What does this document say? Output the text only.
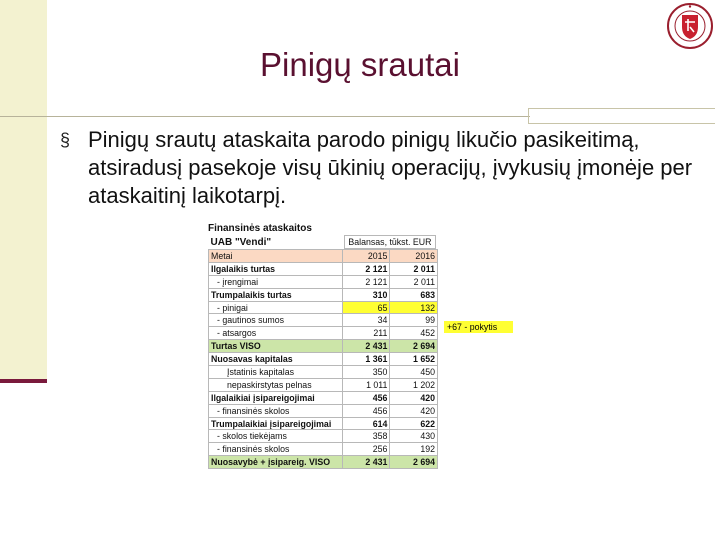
Pinigų srautai
§ Pinigų srautų ataskaita parodo pinigų likučio pasikeitimą, atsiradusį pasekoje visų ūkinių operacijų, įvykusių įmonėje per ataskaitinį laikotarpį.
Finansinės ataskaitos
UAB "Vendi"	Balansas, tūkst. EUR	

Metai	2015	2016
Ilgalaikis turtas	2 121	2 011
- įrengimai	2 121	2 011
Trumpalaikis turtas	310	683
- pinigai	65	132
- gautinos sumos	34	99
- atsargos	211	452
Turtas VISO	2 431	2 694
Nuosavas kapitalas	1 361	1 652
Įstatinis kapitalas	350	450
nepaskirstytas pelnas	1 011	1 202
Ilgalaikiai įsipareigojimai	456	420
- finansinės skolos	456	420
Trumpalaikiai įsipareigojimai	614	622
- skolos tiekėjams	358	430
- finansinės skolos	256	192
Nuosavybė + įsipareig. VISO	2 431	2 694
+67 - pokytis
